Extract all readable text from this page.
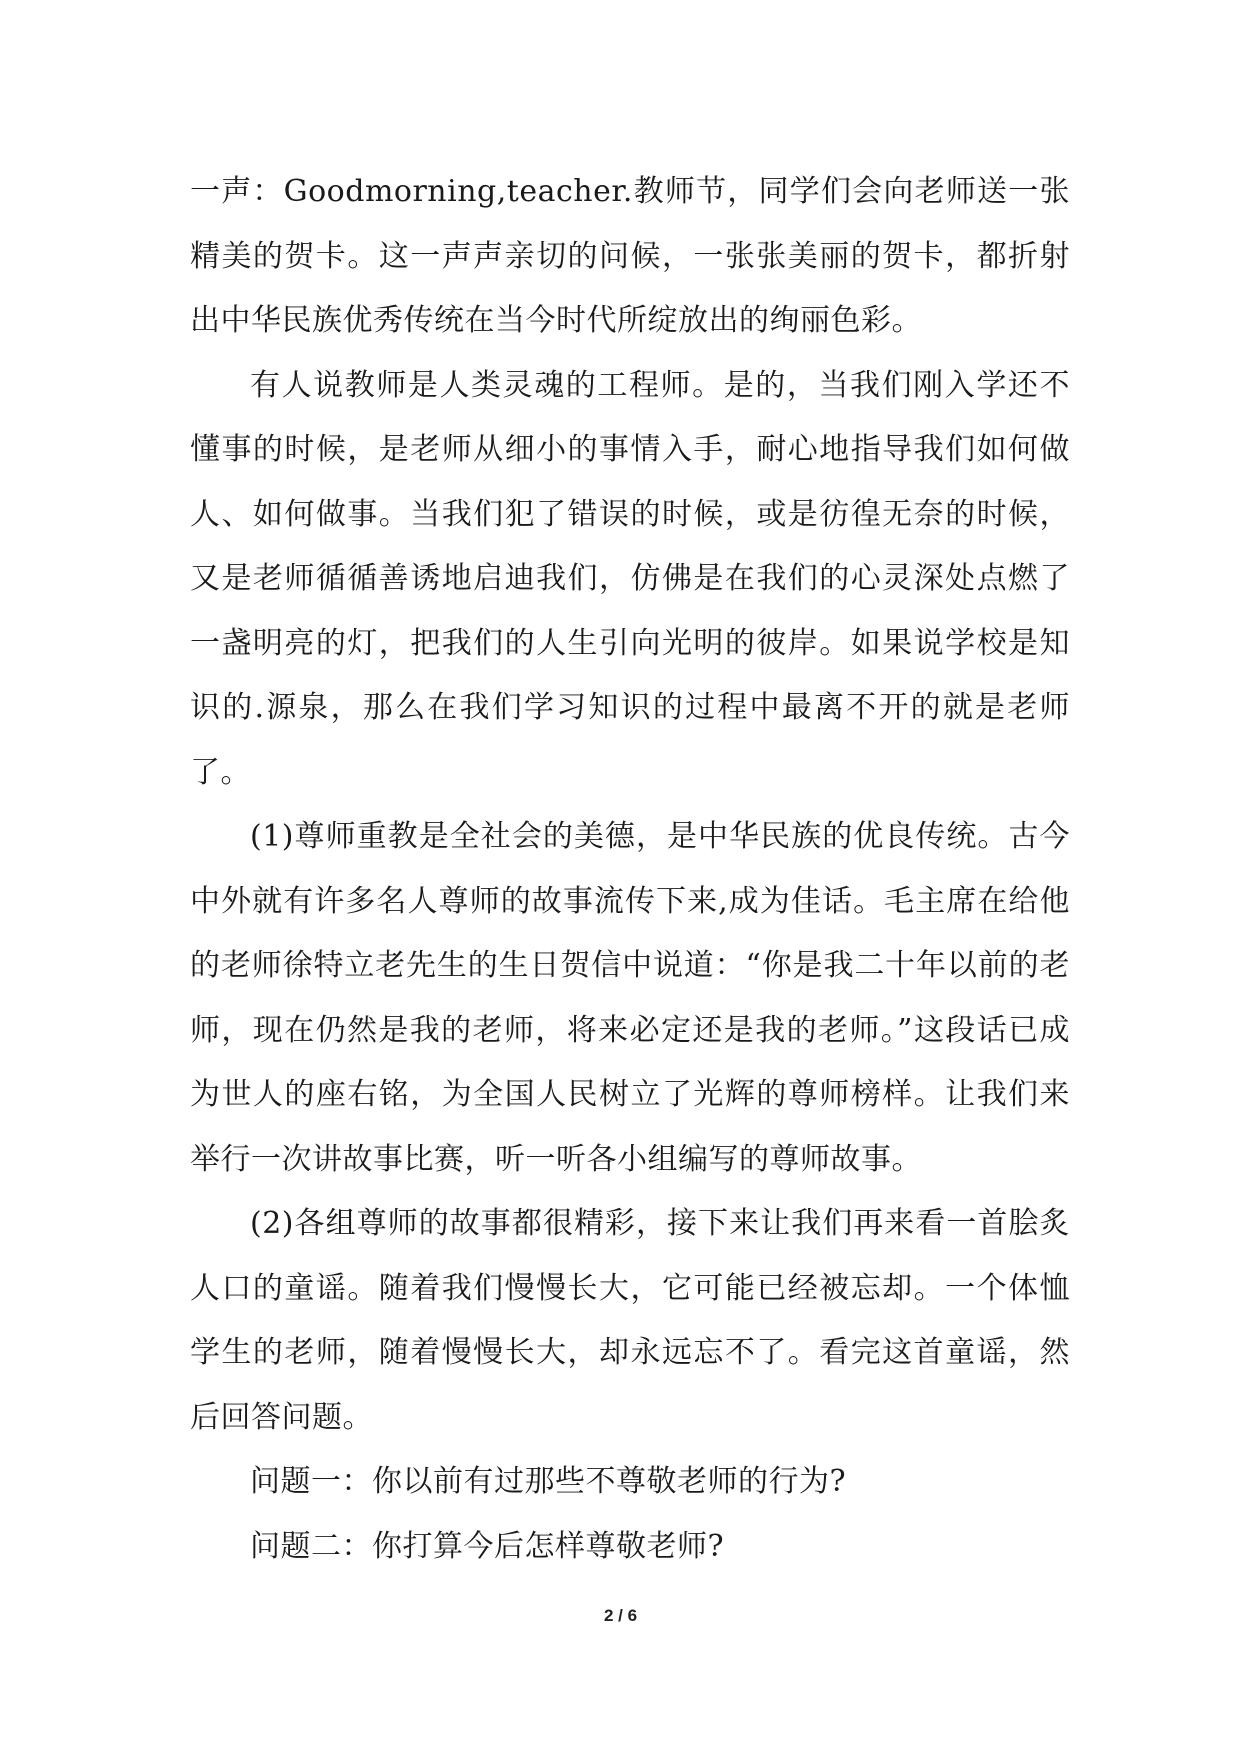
一声：Goodmorning,teacher.教师节，同学们会向老师送一张精美的贺卡。这一声声亲切的问候，一张张美丽的贺卡，都折射出中华民族优秀传统在当今时代所绽放出的绚丽色彩。

有人说教师是人类灵魂的工程师。是的，当我们刚入学还不懂事的时候，是老师从细小的事情入手，耐心地指导我们如何做人、如何做事。当我们犯了错误的时候，或是彷徨无奈的时候，又是老师循循善诱地启迪我们，仿佛是在我们的心灵深处点燃了一盏明亮的灯，把我们的人生引向光明的彼岸。如果说学校是知识的.源泉，那么在我们学习知识的过程中最离不开的就是老师了。

(1)尊师重教是全社会的美德，是中华民族的优良传统。古今中外就有许多名人尊师的故事流传下来,成为佳话。毛主席在给他的老师徐特立老先生的生日贺信中说道：“你是我二十年以前的老师，现在仍然是我的老师，将来必定还是我的老师。”这段话已成为世人的座右铭，为全国人民树立了光辉的尊师榜样。让我们来举行一次讲故事比赛，听一听各小组编写的尊师故事。

(2)各组尊师的故事都很精彩，接下来让我们再来看一首脍炙人口的童谣。随着我们慢慢长大，它可能已经被忘却。一个体恤学生的老师，随着慢慢长大，却永远忘不了。看完这首童谣，然后回答问题。

问题一：你以前有过那些不尊敬老师的行为?

问题二：你打算今后怎样尊敬老师?

2 / 6
